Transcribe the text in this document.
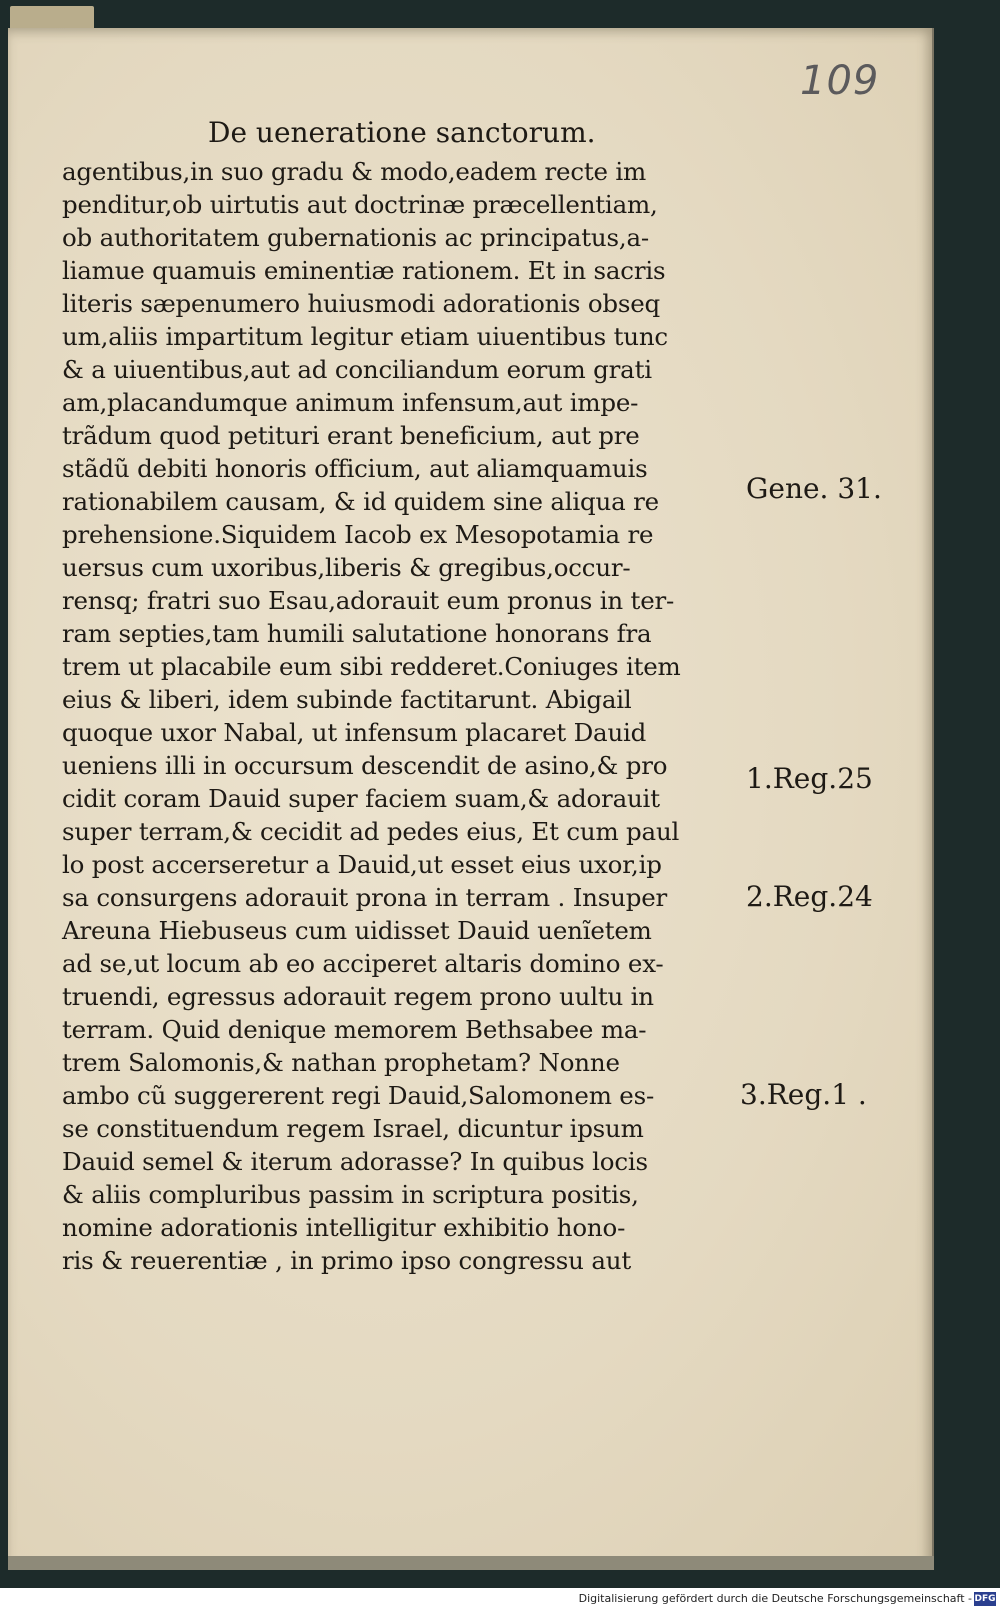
109
De ueneratione sanctorum.
agentibus,in suo gradu & modo,eadem recte im
penditur,ob uirtutis aut doctrinæ præcellentiam,
ob authoritatem gubernationis ac principatus,a-
liamue quamuis eminentiæ rationem. Et in sacris
literis sæpenumero huiusmodi adorationis obseq
um,aliis impartitum legitur etiam uiuentibus tunc
& a uiuentibus,aut ad conciliandum eorum grati
am,placandumque animum infensum,aut impe-
trãdum quod petituri erant beneficium, aut pre
stãdũ debiti honoris officium, aut aliamquamuis
rationabilem causam, & id quidem sine aliqua re
prehensione.Siquidem Iacob ex Mesopotamia re
uersus cum uxoribus,liberis & gregibus,occur-
rensq; fratri suo Esau,adorauit eum pronus in ter-
ram septies,tam humili salutatione honorans fra
trem ut placabile eum sibi redderet.Coniuges item
eius & liberi, idem subinde factitarunt. Abigail
quoque uxor Nabal, ut infensum placaret Dauid
ueniens illi in occursum descendit de asino,& pro
cidit coram Dauid super faciem suam,& adorauit
super terram,& cecidit ad pedes eius, Et cum paul
lo post accerseretur a Dauid,ut esset eius uxor,ip
sa consurgens adorauit prona in terram . Insuper
Areuna Hiebuseus cum uidisset Dauid uenĩetem
ad se,ut locum ab eo acciperet altaris domino ex-
truendi, egressus adorauit regem prono uultu in
terram. Quid denique memorem Bethsabee ma-
trem Salomonis,& nathan prophetam? Nonne
ambo cũ suggererent regi Dauid,Salomonem es-
se constituendum regem Israel, dicuntur ipsum
Dauid semel & iterum adorasse? In quibus locis
& aliis compluribus passim in scriptura positis,
nomine adorationis intelligitur exhibitio hono-
ris & reuerentiæ , in primo ipso congressu aut
Gene. 31.
1.Reg.25
2.Reg.24
3.Reg.1 .
Digitalisierung gefördert durch die Deutsche Forschungsgemeinschaft - DFG
